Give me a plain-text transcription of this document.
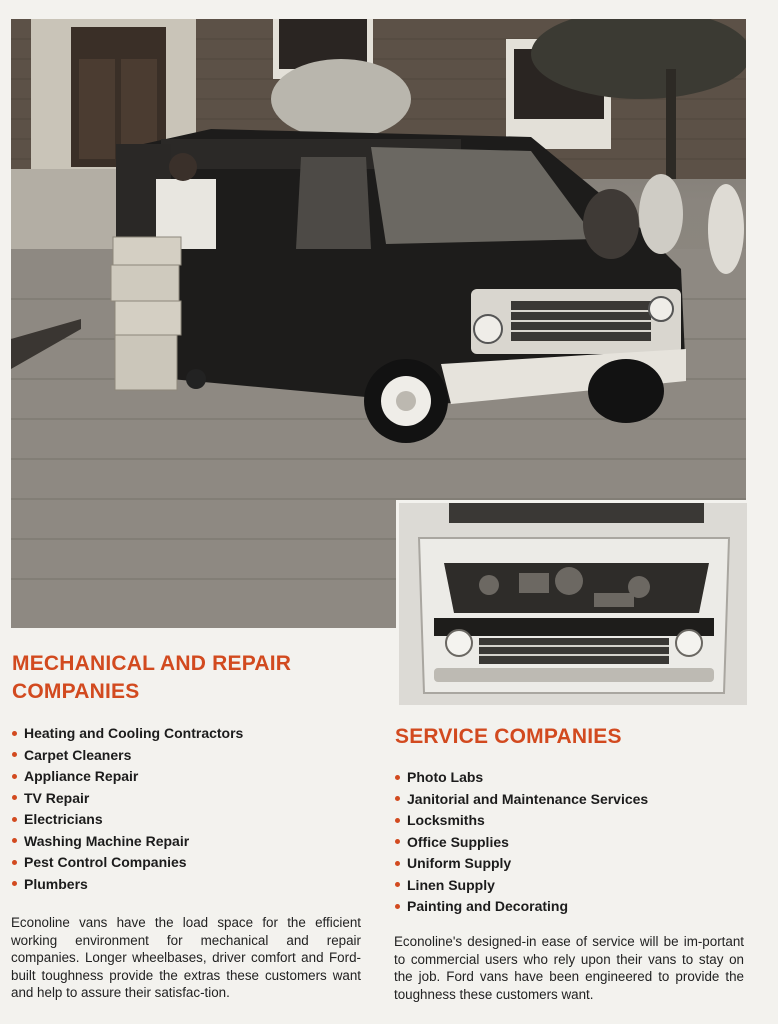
MECHANICAL AND REPAIR
COMPANIES
Heating and Cooling Contractors
Carpet Cleaners
Appliance Repair
TV Repair
Electricians
Washing Machine Repair
Pest Control Companies
Plumbers

Econoline vans have the load space for the efficient working environment for mechanical and repair companies. Longer wheelbases, driver comfort and Ford-built toughness provide the extras these customers want and help to assure their satisfac-tion.

SERVICE COMPANIES
Photo Labs
Janitorial and Maintenance Services
Locksmiths
Office Supplies
Uniform Supply
Linen Supply
Painting and Decorating

Econoline's designed-in ease of service will be im-portant to commercial users who rely upon their vans to stay on the job. Ford vans have been engineered to provide the toughness these customers want.
